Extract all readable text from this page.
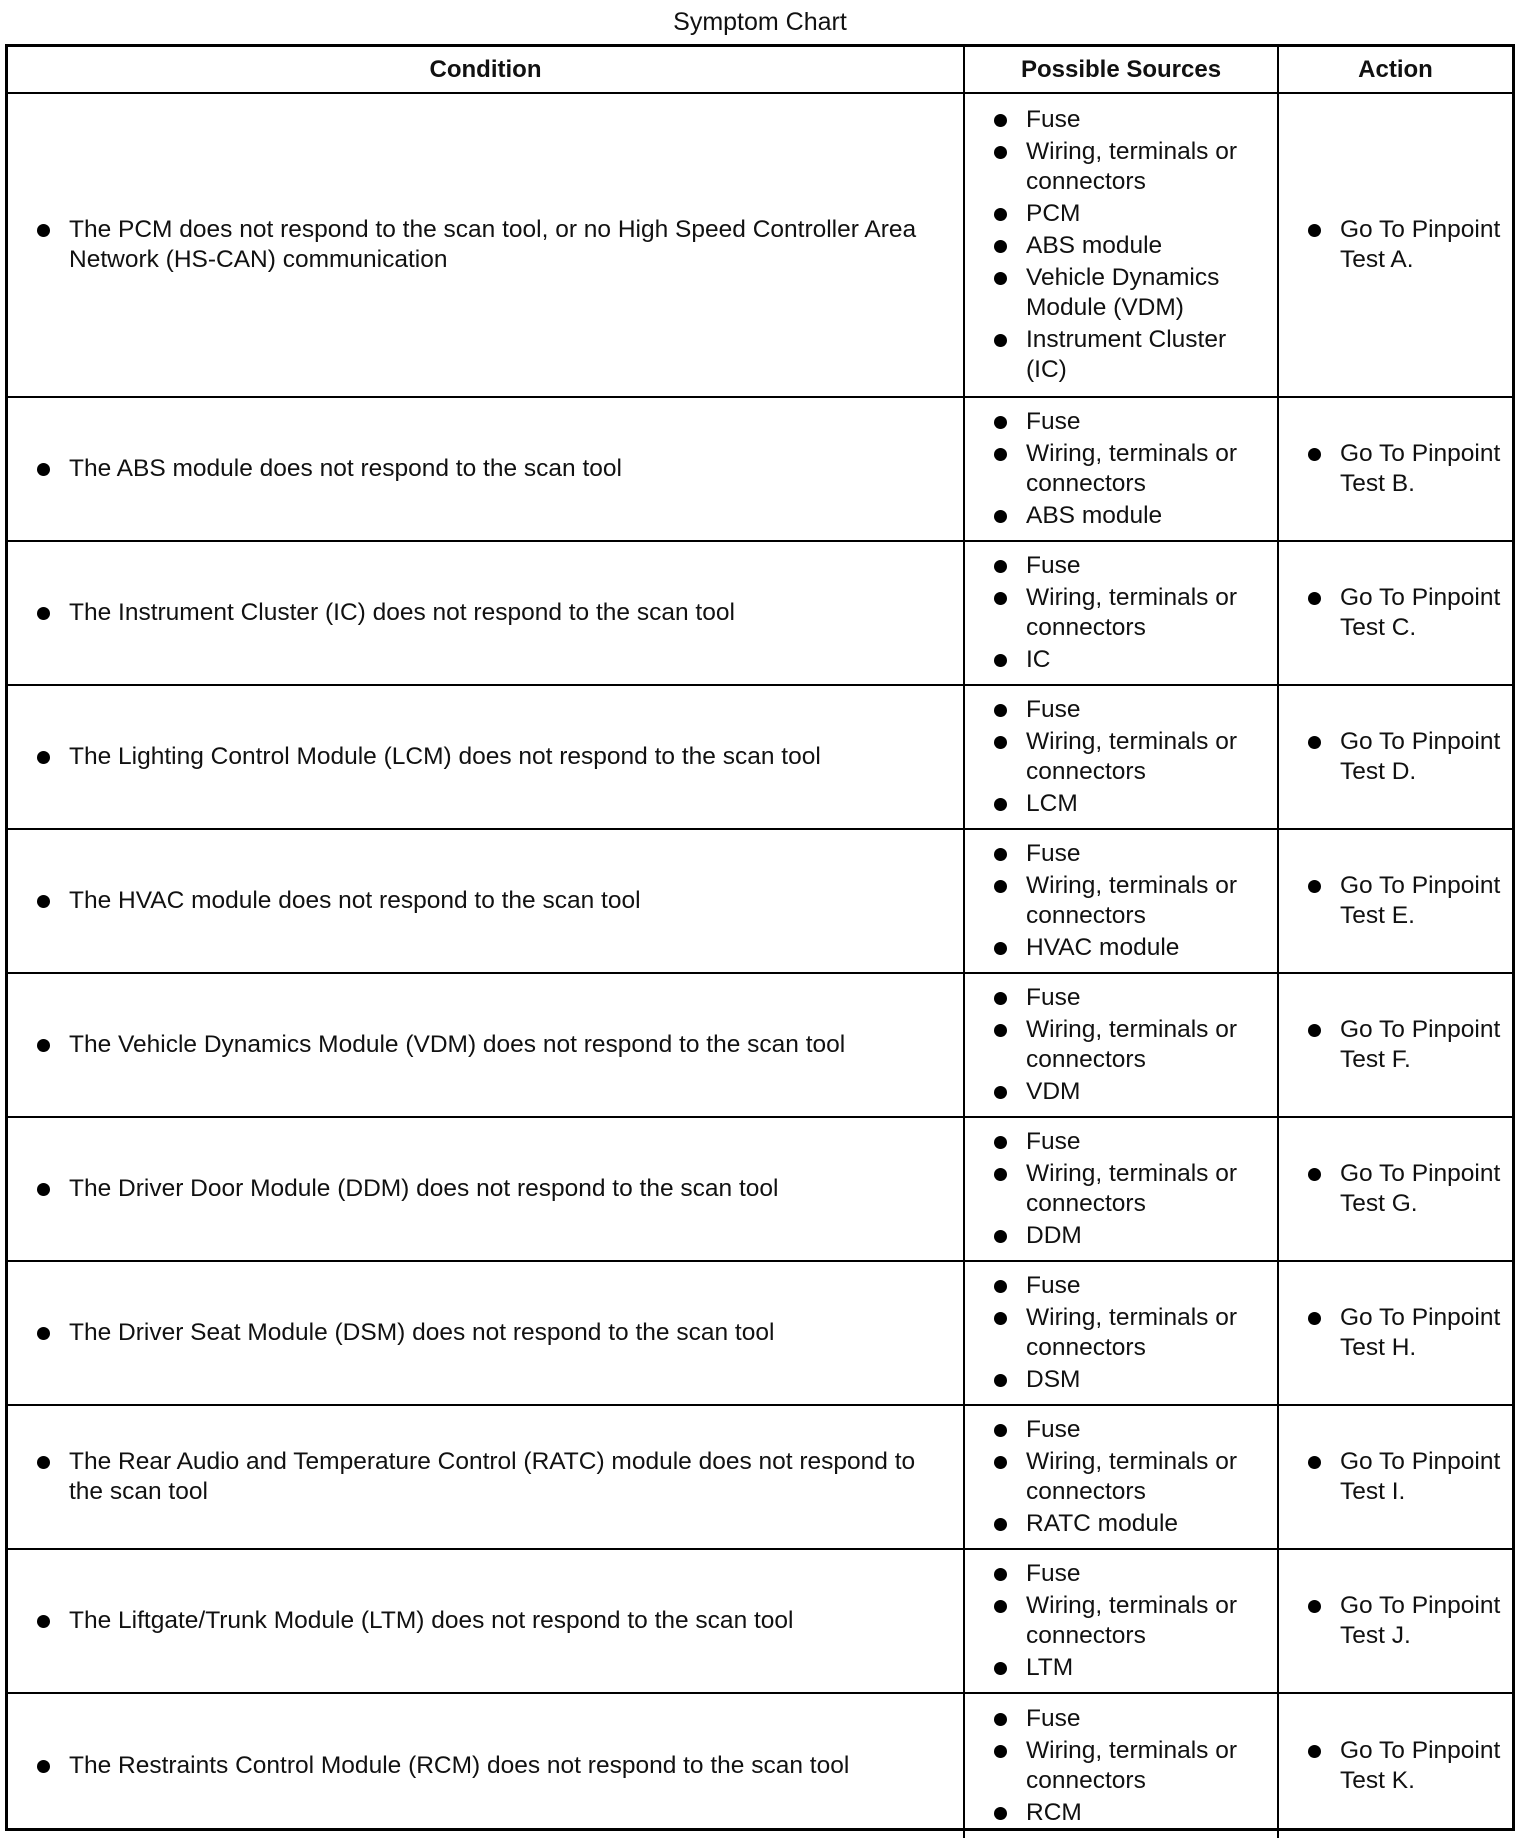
Symptom Chart
Condition	Possible Sources	Action
The PCM does not respond to the scan tool, or no High Speed Controller Area Network (HS-CAN) communication
Fuse
Wiring, terminals or connectors
PCM
ABS module
Vehicle Dynamics Module (VDM)
Instrument Cluster (IC)
Go To Pinpoint Test A.
The ABS module does not respond to the scan tool
Fuse
Wiring, terminals or connectors
ABS module
Go To Pinpoint Test B.
The Instrument Cluster (IC) does not respond to the scan tool
Fuse
Wiring, terminals or connectors
IC
Go To Pinpoint Test C.
The Lighting Control Module (LCM) does not respond to the scan tool
Fuse
Wiring, terminals or connectors
LCM
Go To Pinpoint Test D.
The HVAC module does not respond to the scan tool
Fuse
Wiring, terminals or connectors
HVAC module
Go To Pinpoint Test E.
The Vehicle Dynamics Module (VDM) does not respond to the scan tool
Fuse
Wiring, terminals or connectors
VDM
Go To Pinpoint Test F.
The Driver Door Module (DDM) does not respond to the scan tool
Fuse
Wiring, terminals or connectors
DDM
Go To Pinpoint Test G.
The Driver Seat Module (DSM) does not respond to the scan tool
Fuse
Wiring, terminals or connectors
DSM
Go To Pinpoint Test H.
The Rear Audio and Temperature Control (RATC) module does not respond to the scan tool
Fuse
Wiring, terminals or connectors
RATC module
Go To Pinpoint Test I.
The Liftgate/Trunk Module (LTM) does not respond to the scan tool
Fuse
Wiring, terminals or connectors
LTM
Go To Pinpoint Test J.
The Restraints Control Module (RCM) does not respond to the scan tool
Fuse
Wiring, terminals or connectors
RCM
Go To Pinpoint Test K.
